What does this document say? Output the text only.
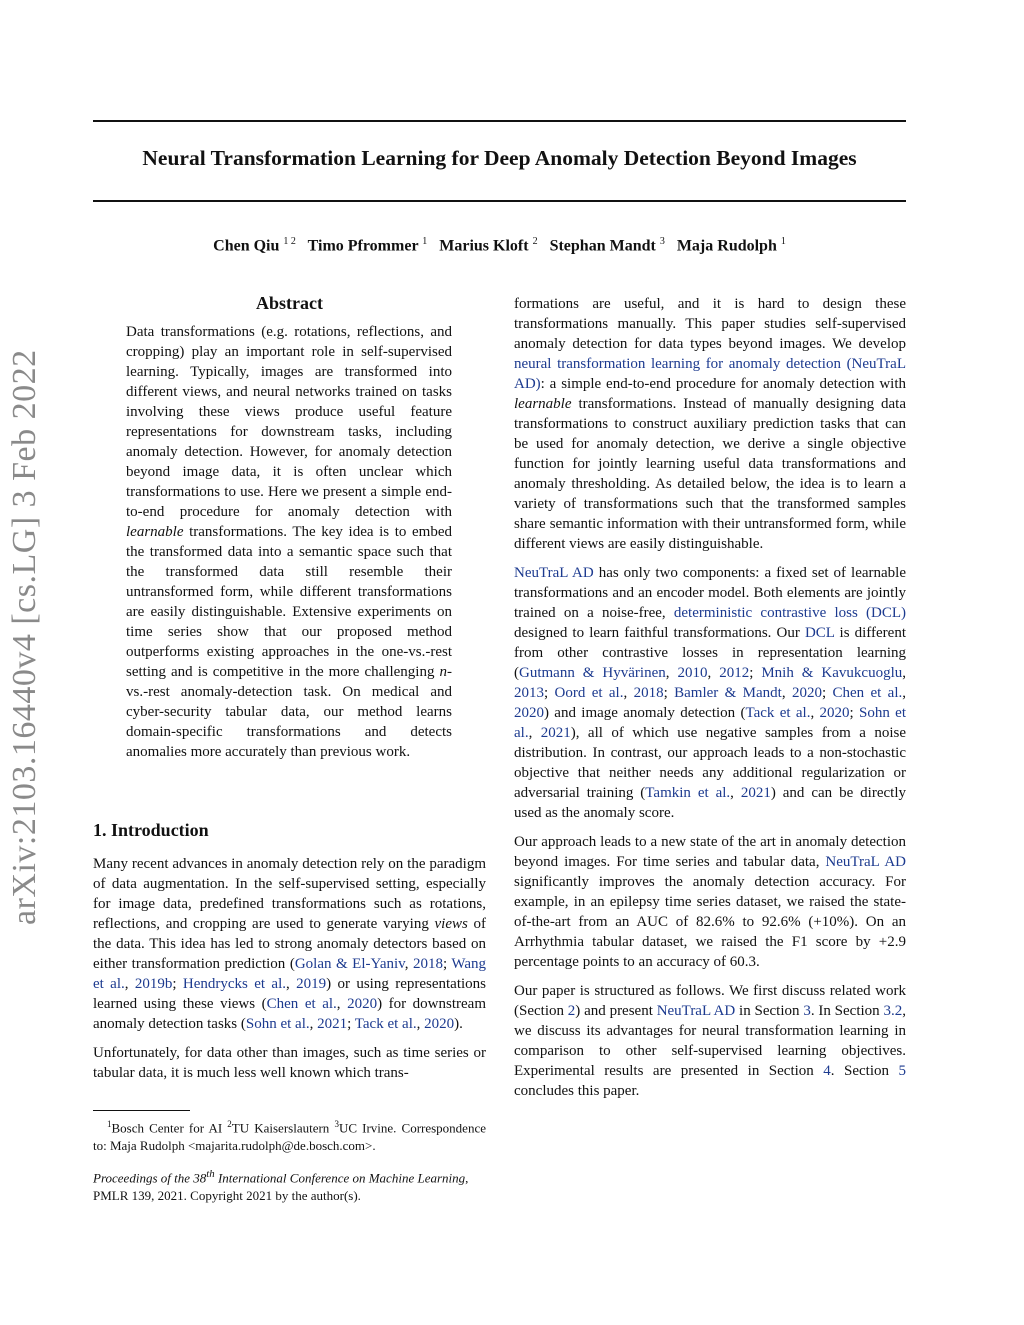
Neural Transformation Learning for Deep Anomaly Detection Beyond Images
Chen Qiu $^{1 2}$ Timo Pfrommer $^1$ Marius Kloft $^2$ Stephan Mandt $^3$ Maja Rudolph $^1$
arXiv:2103.16440v4 [cs.LG] 3 Feb 2022
Abstract

Data transformations (e.g. rotations, reflections, and cropping) play an important role in self-supervised learning. Typically, images are transformed into different views, and neural networks trained on tasks involving these views produce useful feature representations for downstream tasks, including anomaly detection. However, for anomaly detection beyond image data, it is often unclear which transformations to use. Here we present a simple end-to-end procedure for anomaly detection with learnable transformations. The key idea is to embed the transformed data into a semantic space such that the transformed data still resemble their untransformed form, while different transformations are easily distinguishable. Extensive experiments on time series show that our proposed method outperforms existing approaches in the one-vs.-rest setting and is competitive in the more challenging n-vs.-rest anomaly-detection task. On medical and cyber-security tabular data, our method learns domain-specific transformations and detects anomalies more accurately than previous work.

1. Introduction

Many recent advances in anomaly detection rely on the paradigm of data augmentation. In the self-supervised setting, especially for image data, predefined transformations such as rotations, reflections, and cropping are used to generate varying views of the data. This idea has led to strong anomaly detectors based on either transformation prediction (Golan & El-Yaniv, 2018; Wang et al., 2019b; Hendrycks et al., 2019) or using representations learned using these views (Chen et al., 2020) for downstream anomaly detection tasks (Sohn et al., 2021; Tack et al., 2020).

Unfortunately, for data other than images, such as time series or tabular data, it is much less well known which trans-

$^1$Bosch Center for AI $^2$TU Kaiserslautern $^3$UC Irvine. Correspondence to: Maja Rudolph <majarita.rudolph@de.bosch.com>.
Proceedings of the 38th International Conference on Machine Learning, PMLR 139, 2021. Copyright 2021 by the author(s).

formations are useful, and it is hard to design these transformations manually. This paper studies self-supervised anomaly detection for data types beyond images. We develop neural transformation learning for anomaly detection (NeuTraL AD): a simple end-to-end procedure for anomaly detection with learnable transformations. Instead of manually designing data transformations to construct auxiliary prediction tasks that can be used for anomaly detection, we derive a single objective function for jointly learning useful data transformations and anomaly thresholding. As detailed below, the idea is to learn a variety of transformations such that the transformed samples share semantic information with their untransformed form, while different views are easily distinguishable.

NeuTraL AD has only two components: a fixed set of learnable transformations and an encoder model. Both elements are jointly trained on a noise-free, deterministic contrastive loss (DCL) designed to learn faithful transformations. Our DCL is different from other contrastive losses in representation learning (Gutmann & Hyvärinen, 2010, 2012; Mnih & Kavukcuoglu, 2013; Oord et al., 2018; Bamler & Mandt, 2020; Chen et al., 2020) and image anomaly detection (Tack et al., 2020; Sohn et al., 2021), all of which use negative samples from a noise distribution. In contrast, our approach leads to a non-stochastic objective that neither needs any additional regularization or adversarial training (Tamkin et al., 2021) and can be directly used as the anomaly score.

Our approach leads to a new state of the art in anomaly detection beyond images. For time series and tabular data, NeuTraL AD significantly improves the anomaly detection accuracy. For example, in an epilepsy time series dataset, we raised the state-of-the-art from an AUC of 82.6% to 92.6% (+10%). On an Arrhythmia tabular dataset, we raised the F1 score by +2.9 percentage points to an accuracy of 60.3.

Our paper is structured as follows. We first discuss related work (Section 2) and present NeuTraL AD in Section 3. In Section 3.2, we discuss its advantages for neural transformation learning in comparison to other self-supervised learning objectives. Experimental results are presented in Section 4. Section 5 concludes this paper.
